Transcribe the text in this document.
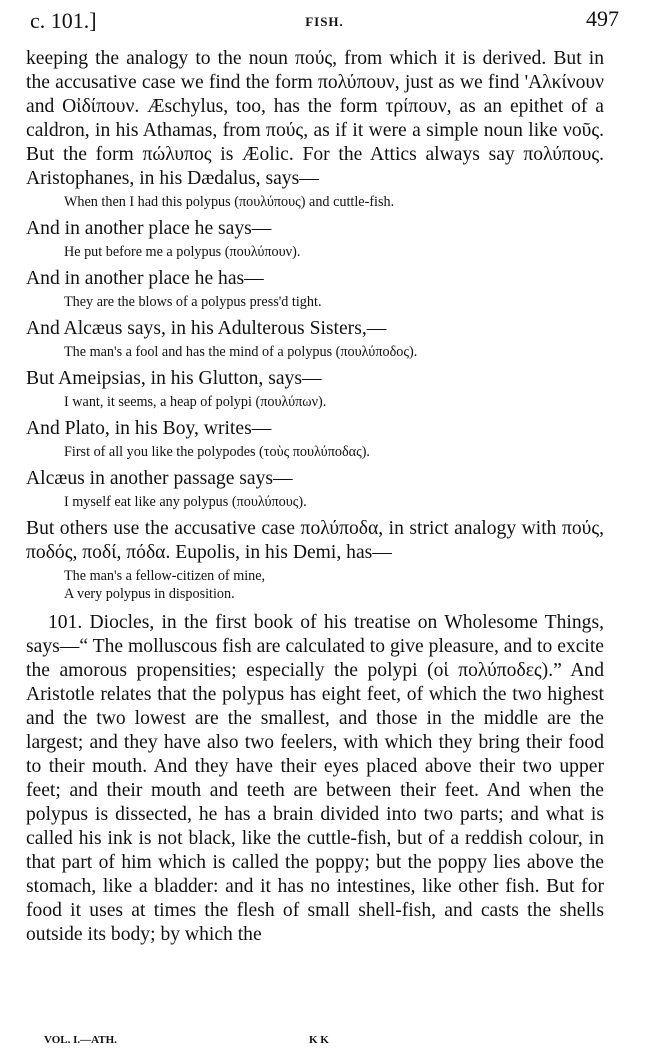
c. 101.]	FISH.	497

keeping the analogy to the noun πούς, from which it is derived. But in the accusative case we find the form πολύπουν, just as we find 'Αλκίνουν and Οἰδίπουν. Æschylus, too, has the form τρίπουν, as an epithet of a caldron, in his Athamas, from πούς, as if it were a simple noun like νοῦς. But the form πώλυπος is Æolic. For the Attics always say πολύπους. Aristophanes, in his Dædalus, says—

When then I had this polypus (πουλύπους) and cuttle-fish.

And in another place he says—

He put before me a polypus (πουλύπουν).

And in another place he has—

They are the blows of a polypus press'd tight.

And Alcæus says, in his Adulterous Sisters,—

The man's a fool and has the mind of a polypus (πουλύποδος).

But Ameipsias, in his Glutton, says—

I want, it seems, a heap of polypi (πουλύπων).

And Plato, in his Boy, writes—

First of all you like the polypodes (τοὺς πουλύποδας).

Alcæus in another passage says—

I myself eat like any polypus (πουλύπους).

But others use the accusative case πολύποδα, in strict analogy with πούς, ποδός, ποδί, πόδα. Eupolis, in his Demi, has—

The man's a fellow-citizen of mine,
A very polypus in disposition.

101. Diocles, in the first book of his treatise on Wholesome Things, says—“ The molluscous fish are calculated to give pleasure, and to excite the amorous propensities; especially the polypi (οἱ πολύποδες).” And Aristotle relates that the polypus has eight feet, of which the two highest and the two lowest are the smallest, and those in the middle are the largest; and they have also two feelers, with which they bring their food to their mouth. And they have their eyes placed above their two upper feet; and their mouth and teeth are between their feet. And when the polypus is dissected, he has a brain divided into two parts; and what is called his ink is not black, like the cuttle-fish, but of a reddish colour, in that part of him which is called the poppy; but the poppy lies above the stomach, like a bladder: and it has no intestines, like other fish. But for food it uses at times the flesh of small shell-fish, and casts the shells outside its body; by which the

VOL. I.—ATH.	K K
